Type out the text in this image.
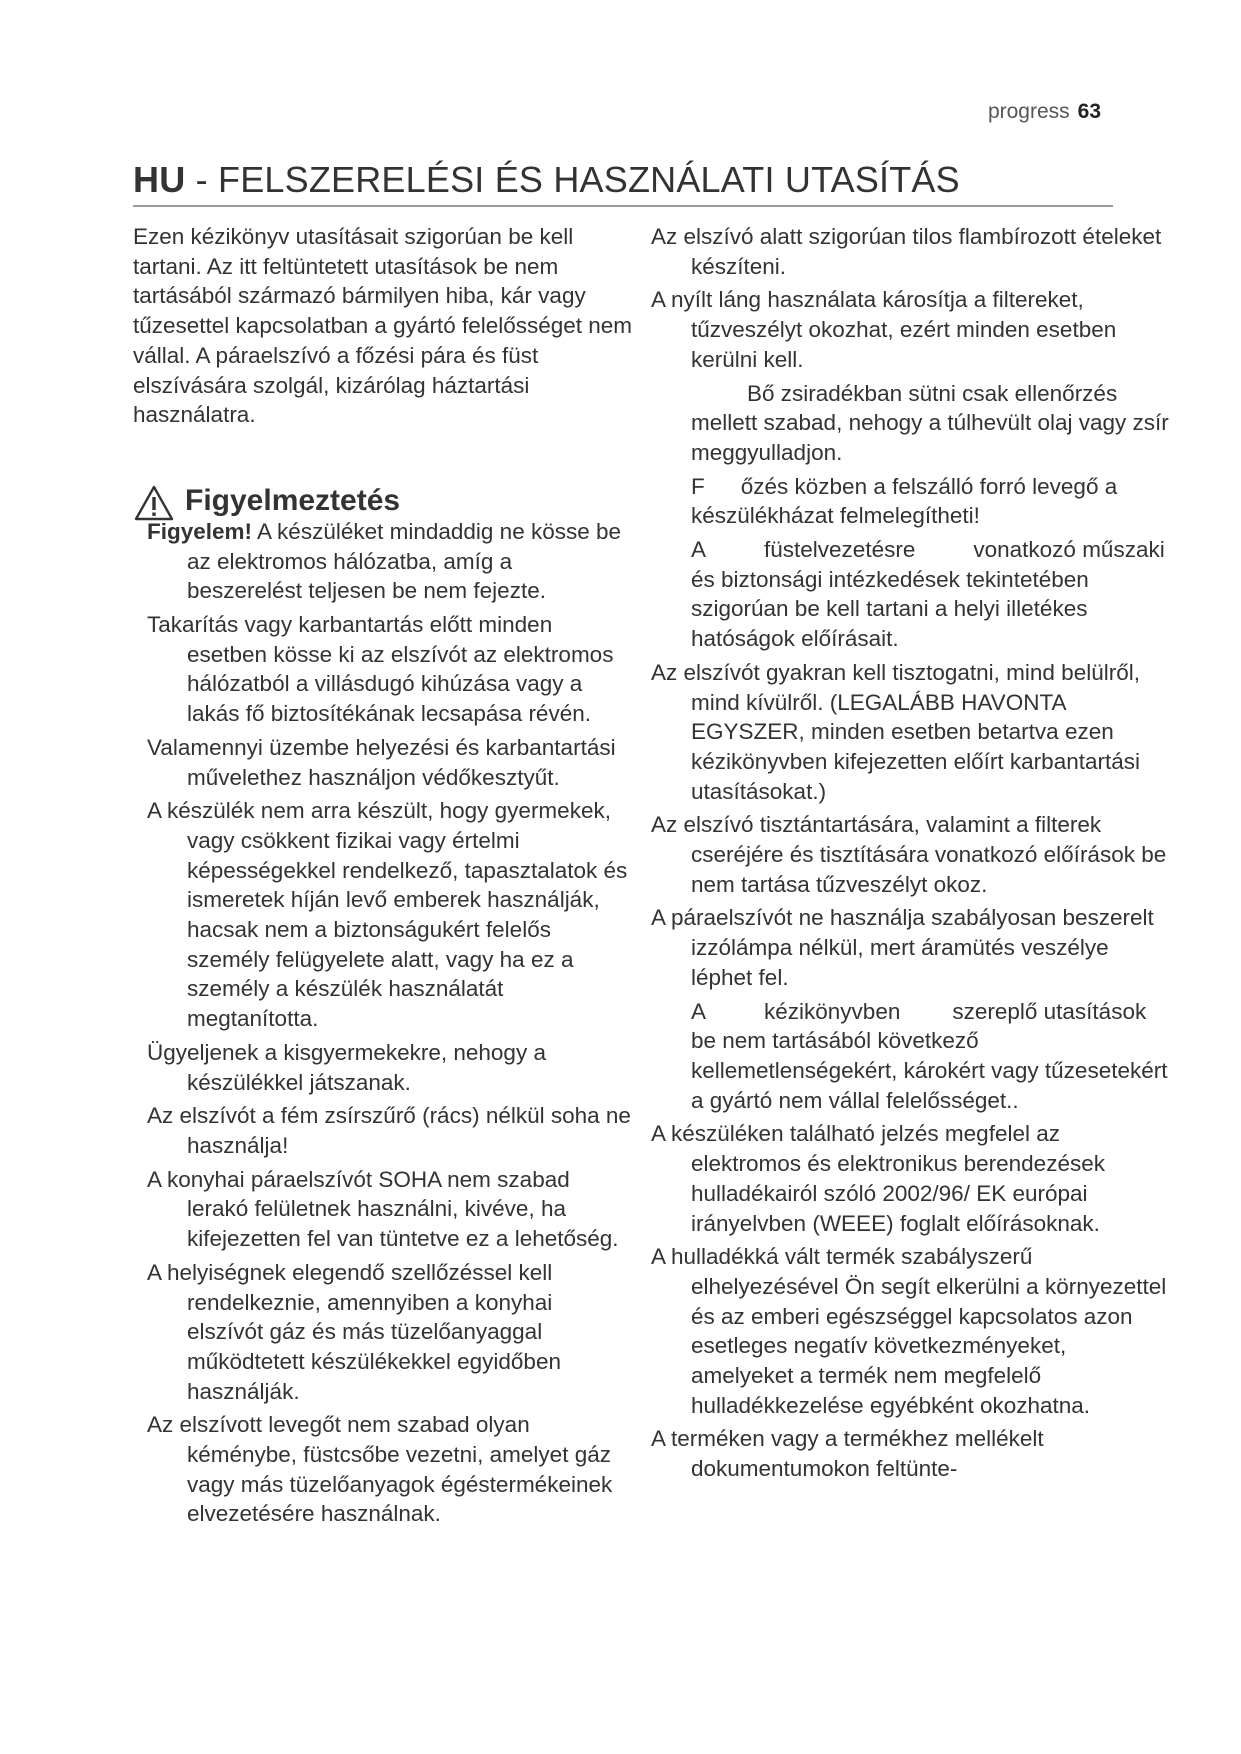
progress 63
HU - FELSZERELÉSI ÉS HASZNÁLATI UTASÍTÁS

Ezen kézikönyv utasításait szigorúan be kell tartani. Az itt feltüntetett utasítások be nem tartásából származó bármilyen hiba, kár vagy tűzesettel kapcsolatban a gyártó felelősséget nem vállal. A páraelszívó a főzési pára és füst elszívására szolgál, kizárólag háztartási használatra.

Figyelmeztetés

Figyelem! A készüléket mindaddig ne kösse be az elektromos hálózatba, amíg a beszerelést teljesen be nem fejezte.

Takarítás vagy karbantartás előtt minden esetben kösse ki az elszívót az elektromos hálózatból a villásdugó kihúzása vagy a lakás fő biztosítékának lecsapása révén.

Valamennyi üzembe helyezési és karbantartási művelethez használjon védőkesztyűt.

A készülék nem arra készült, hogy gyermekek, vagy csökkent fizikai vagy értelmi képességekkel rendelkező, tapasztalatok és ismeretek híján levő emberek használják, hacsak nem a biztonságukért felelős személy felügyelete alatt, vagy ha ez a személy a készülék használatát megtanította.

Ügyeljenek a kisgyermekekre, nehogy a készülékkel játszanak.

Az elszívót a fém zsírszűrő (rács) nélkül soha ne használja!

A konyhai páraelszívót SOHA nem szabad lerakó felületnek használni, kivéve, ha kifejezetten fel van tüntetve ez a lehetőség.

A helyiségnek elegendő szellőzéssel kell rendelkeznie, amennyiben a konyhai elszívót gáz és más tüzelőanyaggal működtetett készülékekkel egyidőben használják.

Az elszívott levegőt nem szabad olyan kéménybe, füstcsőbe vezetni, amelyet gáz vagy más tüzelőanyagok égéstermékeinek elvezetésére használnak.

Az elszívó alatt szigorúan tilos flambírozott ételeket készíteni.

A nyílt láng használata károsítja a filtereket, tűzveszélyt okozhat, ezért minden esetben kerülni kell.

Bő zsiradékban sütni csak ellenőrzés mellett szabad, nehogy a túlhevült olaj vagy zsír meggyulladjon.

F őzés közben a felszálló forró levegő a készülékházat felmelegítheti!

A	füstelvezetésre	vonatkozó műszaki és biztonsági intézkedések tekintetében szigorúan be kell tartani a helyi illetékes hatóságok előírásait.

Az elszívót gyakran kell tisztogatni, mind belülről, mind kívülről. (LEGALÁBB HAVONTA EGYSZER, minden esetben betartva ezen kézikönyvben kifejezetten előírt karbantartási utasításokat.)

Az elszívó tisztántartására, valamint a filterek cseréjére és tisztítására vonatkozó előírások be nem tartása tűzveszélyt okoz.

A páraelszívót ne használja szabályosan beszerelt izzólámpa nélkül, mert áramütés veszélye léphet fel.

A	kézikönyvben szereplő utasítások be nem tartásából következő kellemetlenségekért, károkért vagy tűzesetekért a gyártó nem vállal felelősséget..

A készüléken található jelzés megfelel az elektromos és elektronikus berendezések hulladékairól szóló 2002/96/ EK európai irányelvben (WEEE) foglalt előírásoknak.

A hulladékká vált termék szabályszerű elhelyezésével Ön segít elkerülni a környezettel és az emberi egészséggel kapcsolatos azon esetleges negatív következményeket, amelyeket a termék nem megfelelő hulladékkezelése egyébként okozhatna.

A terméken vagy a termékhez mellékelt dokumentumokon feltünte-
